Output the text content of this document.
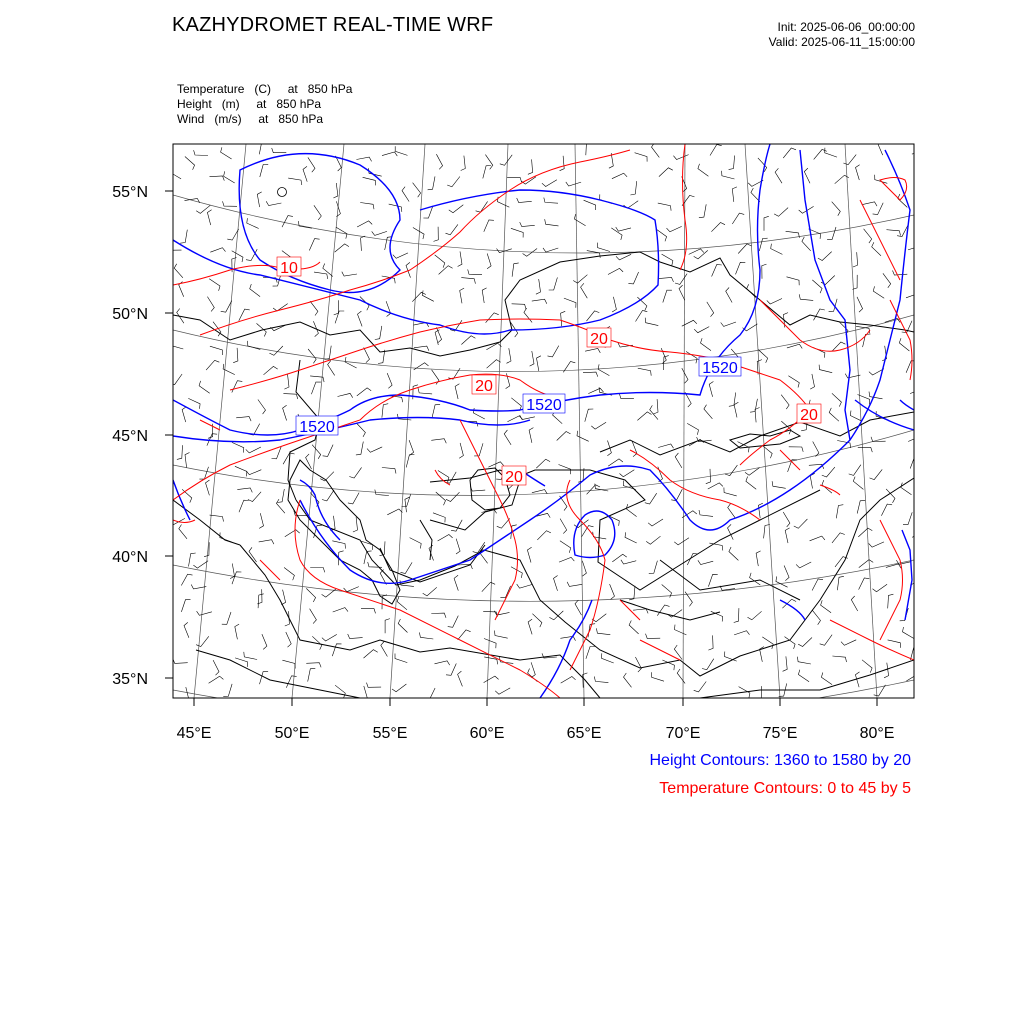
KAZHYDROMET REAL-TIME WRF	Init: 2025-06-06_00:00:00
Valid: 2025-06-11_15:00:00
Temperature   (C)     at   850 hPa
Height   (m)     at   850 hPa
Wind   (m/s)     at   850 hPa
55°N
50°N
45°N
40°N
35°N
45°E	50°E	55°E	60°E	65°E	70°E	75°E	80°E
10
20
20
20
20
1520
1520
1520
Height Contours: 1360 to 1580 by 20
Temperature Contours: 0 to 45 by 5
